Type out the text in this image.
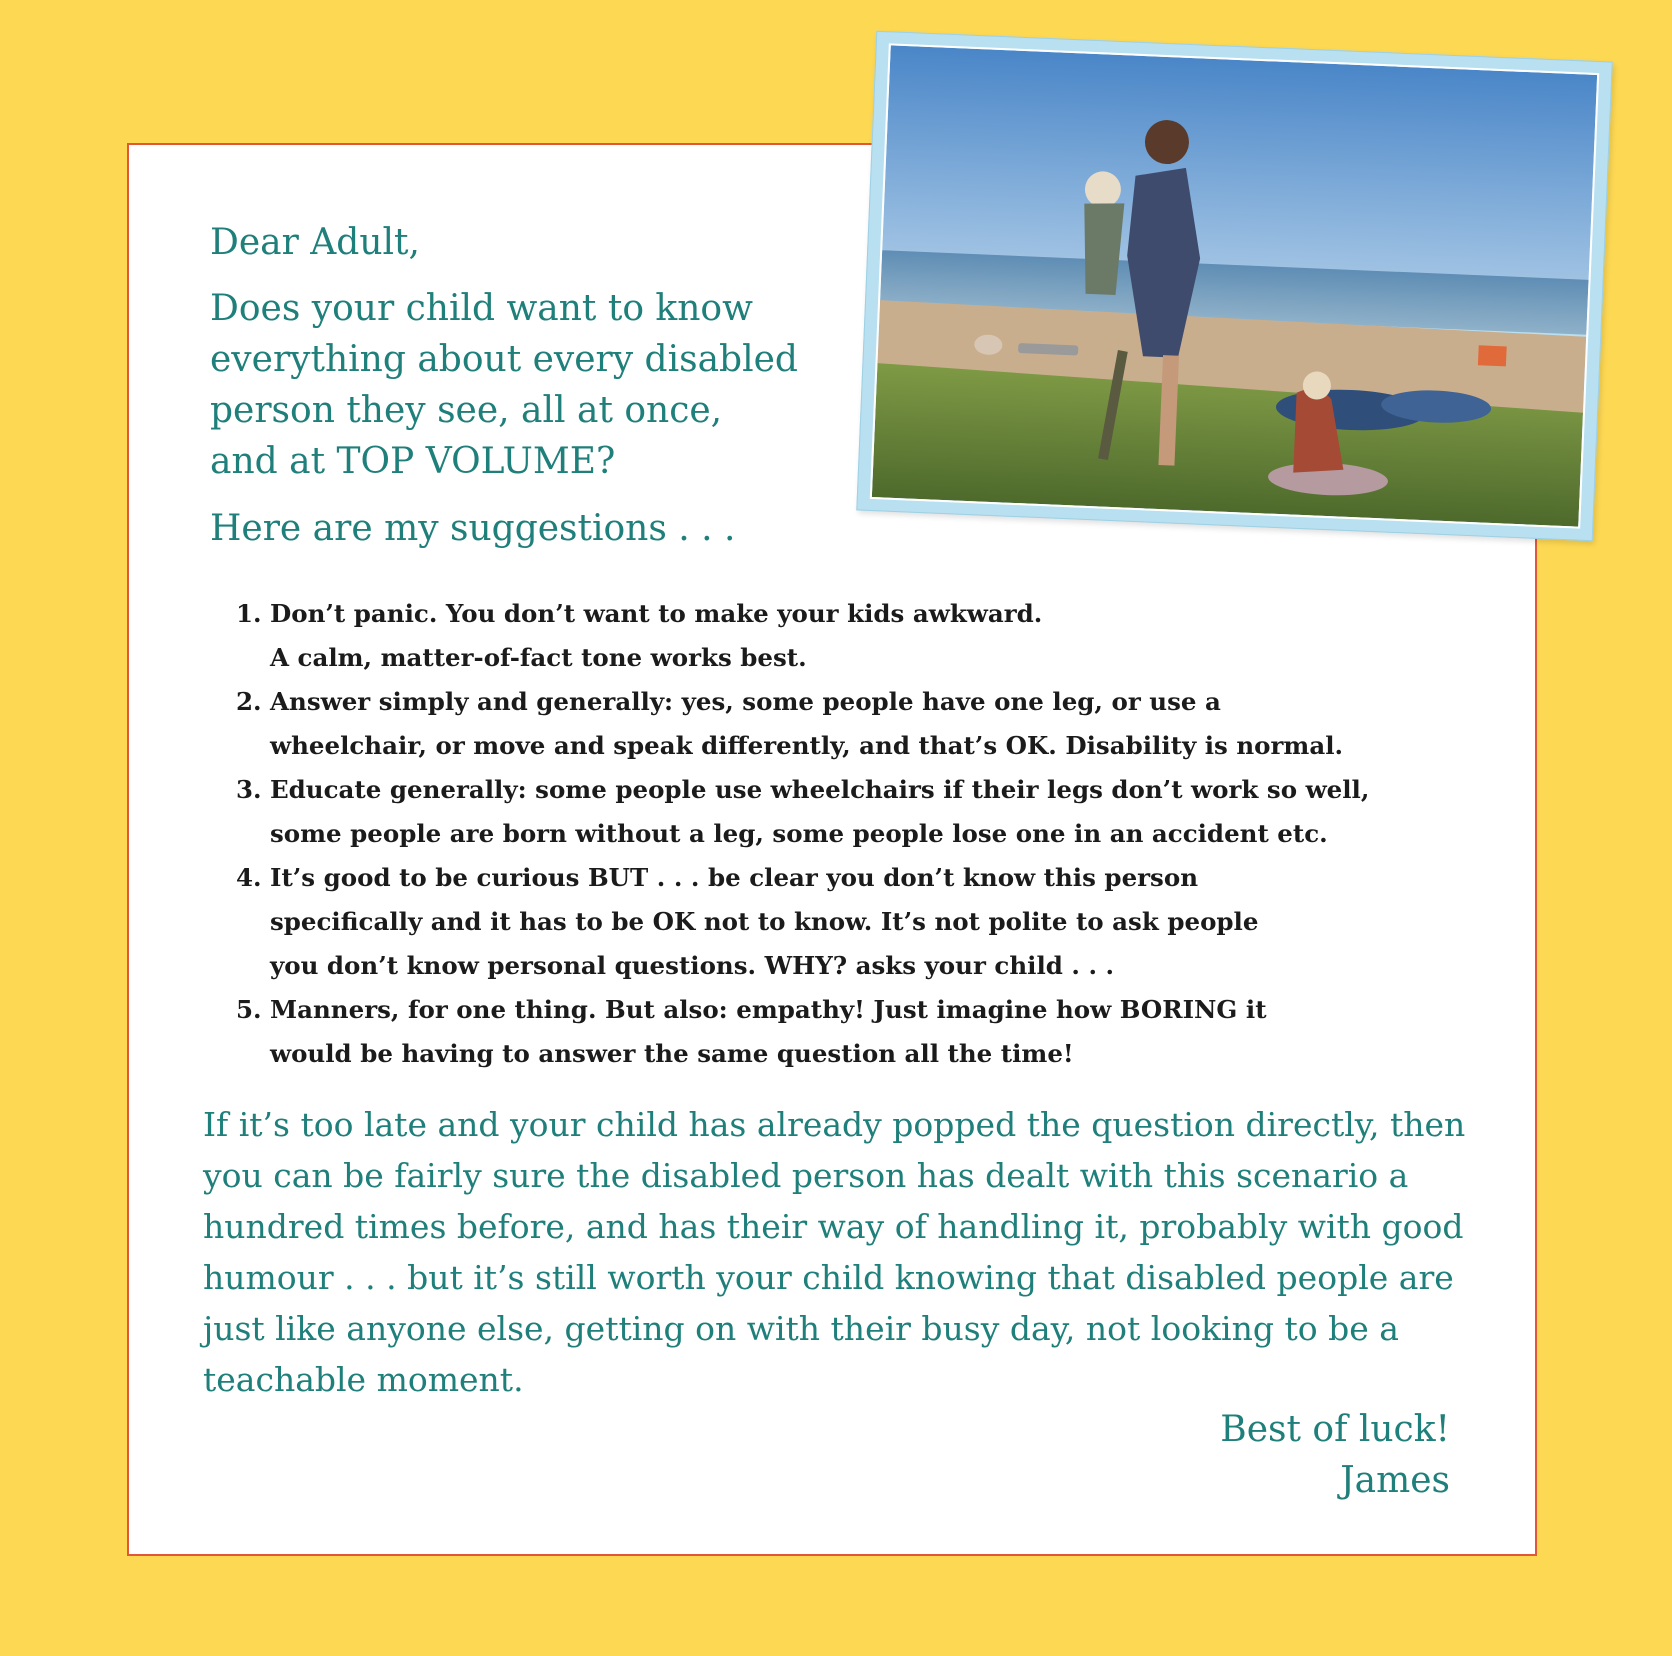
Dear Adult,
Does your child want to know
everything about every disabled
person they see, all at once,
and at TOP VOLUME?
Here are my suggestions . . .
1. Don’t panic. You don’t want to make your kids awkward.
A calm, matter-of-fact tone works best.
2. Answer simply and generally: yes, some people have one leg, or use a
wheelchair, or move and speak differently, and that’s OK. Disability is normal.
3. Educate generally: some people use wheelchairs if their legs don’t work so well,
some people are born without a leg, some people lose one in an accident etc.
4. It’s good to be curious BUT . . . be clear you don’t know this person
specifically and it has to be OK not to know. It’s not polite to ask people
you don’t know personal questions. WHY? asks your child . . .
5. Manners, for one thing. But also: empathy! Just imagine how BORING it
would be having to answer the same question all the time!
If it’s too late and your child has already popped the question directly, then
you can be fairly sure the disabled person has dealt with this scenario a
hundred times before, and has their way of handling it, probably with good
humour . . . but it’s still worth your child knowing that disabled people are
just like anyone else, getting on with their busy day, not looking to be a
teachable moment.
Best of luck!
James
